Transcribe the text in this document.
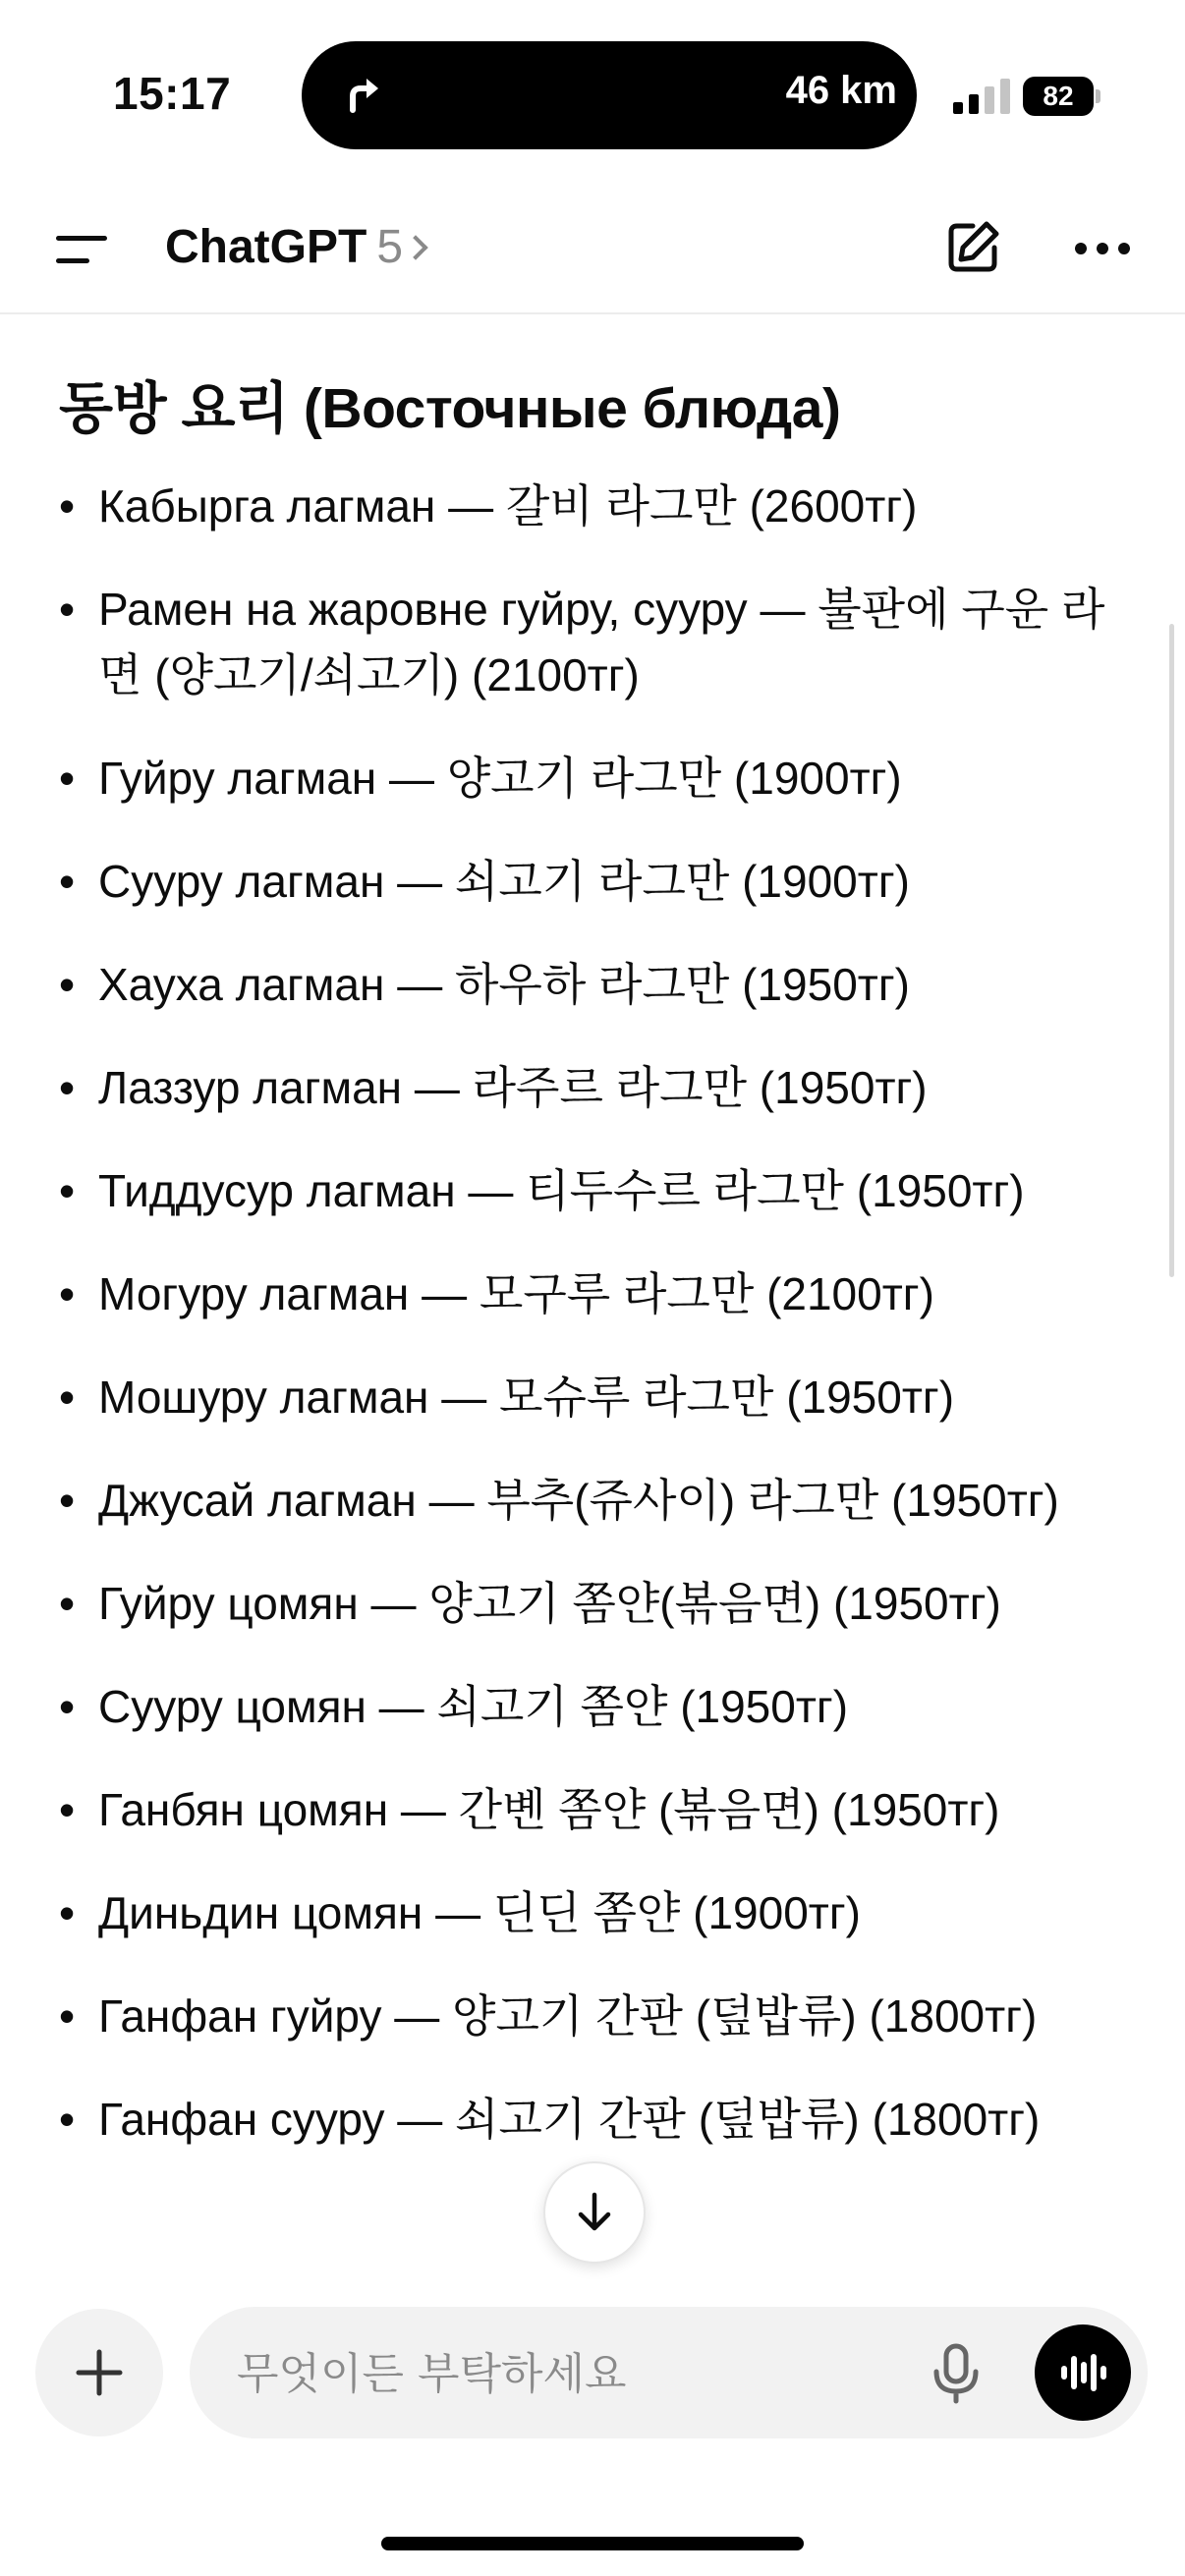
15:17	46 km	82
ChatGPT 5
동방 요리 (Восточные блюда)
• Кабырга лагман — 갈비 라그만 (2600тг)
• Рамен на жаровне гуйру, сууру — 불판에 구운 라면 (양고기/쇠고기) (2100тг)
• Гуйру лагман — 양고기 라그만 (1900тг)
• Сууру лагман — 쇠고기 라그만 (1900тг)
• Хауха лагман — 하우하 라그만 (1950тг)
• Лаззур лагман — 라주르 라그만 (1950тг)
• Тиддусур лагман — 티두수르 라그만 (1950тг)
• Могуру лагман — 모구루 라그만 (2100тг)
• Мошуру лагман — 모슈루 라그만 (1950тг)
• Джусай лагман — 부추(쥬사이) 라그만 (1950тг)
• Гуйру цомян — 양고기 쫌얀(볶음면) (1950тг)
• Сууру цомян — 쇠고기 쫌얀 (1950тг)
• Ганбян цомян — 간볜 쫌얀 (볶음면) (1950тг)
• Диньдин цомян — 딘딘 쫌얀 (1900тг)
• Ганфан гуйру — 양고기 간판 (덮밥류) (1800тг)
• Ганфан сууру — 쇠고기 간판 (덮밥류) (1800тг)
무엇이든 부탁하세요
